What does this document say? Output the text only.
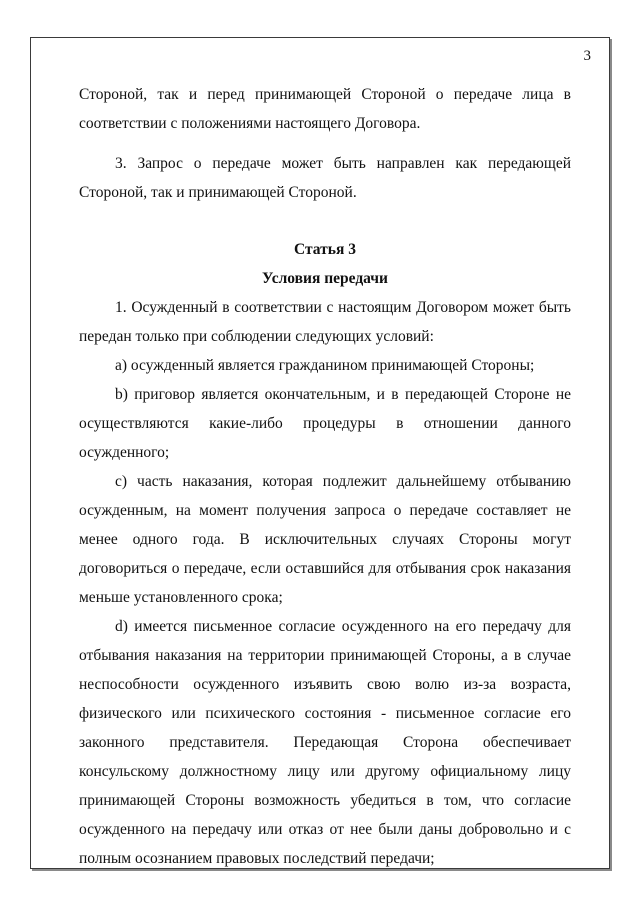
3

Стороной, так и перед принимающей Стороной о передаче лица в соответствии с положениями настоящего Договора.

3. Запрос о передаче может быть направлен как передающей Стороной, так и принимающей Стороной.

Статья 3

Условия передачи

1. Осужденный в соответствии с настоящим Договором может быть передан только при соблюдении следующих условий:

a) осужденный является гражданином принимающей Стороны;

b) приговор является окончательным, и в передающей Стороне не осуществляются какие-либо процедуры в отношении данного осужденного;

c) часть наказания, которая подлежит дальнейшему отбыванию осужденным, на момент получения запроса о передаче составляет не менее одного года. В исключительных случаях Стороны могут договориться о передаче, если оставшийся для отбывания срок наказания меньше установленного срока;

d) имеется письменное согласие осужденного на его передачу для отбывания наказания на территории принимающей Стороны, а в случае неспособности осужденного изъявить свою волю из-за возраста, физического или психического состояния - письменное согласие его законного представителя. Передающая Сторона обеспечивает консульскому должностному лицу или другому официальному лицу принимающей Стороны возможность убедиться в том, что согласие осужденного на передачу или отказ от нее были даны добровольно и с полным осознанием правовых последствий передачи;
